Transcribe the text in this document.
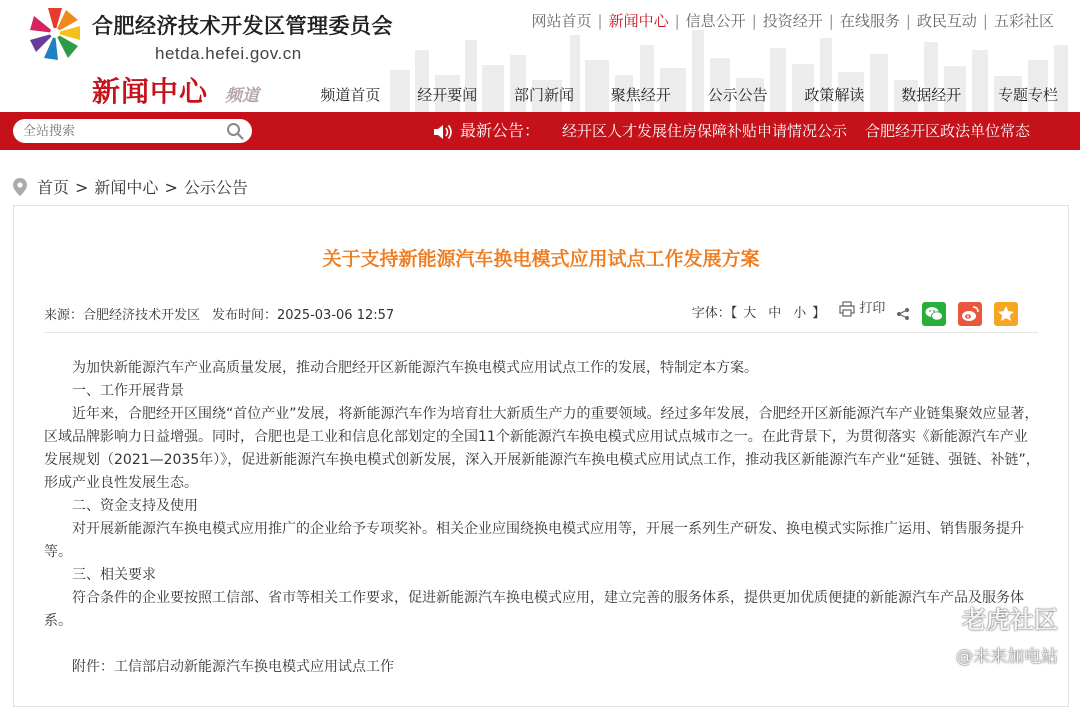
合肥经济技术开发区管理委员会
hetda.hefei.gov.cn
新闻中心 频道
网站首页 | 新闻中心 | 信息公开 | 投资经开 | 在线服务 | 政民互动 | 五彩社区
频道首页 经开要闻 部门新闻 聚焦经开 公示公告 政策解读 数据经开 专题专栏
全站搜索
最新公告： 经开区人才发展住房保障补贴申请情况公示 合肥经开区政法单位常态
首页 > 新闻中心 > 公示公告
关于支持新能源汽车换电模式应用试点工作发展方案
来源：合肥经济技术开发区 发布时间：2025-03-06 12:57	字体：【 大 中 小 】	打印

为加快新能源汽车产业高质量发展，推动合肥经开区新能源汽车换电模式应用试点工作的发展，特制定本方案。

一、工作开展背景

近年来，合肥经开区围绕“首位产业”发展，将新能源汽车作为培育壮大新质生产力的重要领域。经过多年发展，合肥经开区新能源汽车产业链集聚效应显著，区域品牌影响力日益增强。同时，合肥也是工业和信息化部划定的全国11个新能源汽车换电模式应用试点城市之一。在此背景下，为贯彻落实《新能源汽车产业发展规划（2021—2035年）》，促进新能源汽车换电模式创新发展，深入开展新能源汽车换电模式应用试点工作，推动我区新能源汽车产业“延链、强链、补链”，形成产业良性发展生态。

二、资金支持及使用

对开展新能源汽车换电模式应用推广的企业给予专项奖补。相关企业应围绕换电模式应用等，开展一系列生产研发、换电模式实际推广运用、销售服务提升等。

三、相关要求

符合条件的企业要按照工信部、省市等相关工作要求，促进新能源汽车换电模式应用，建立完善的服务体系，提供更加优质便捷的新能源汽车产品及服务体系。

附件：工信部启动新能源汽车换电模式应用试点工作

老虎社区
@未来加电站
